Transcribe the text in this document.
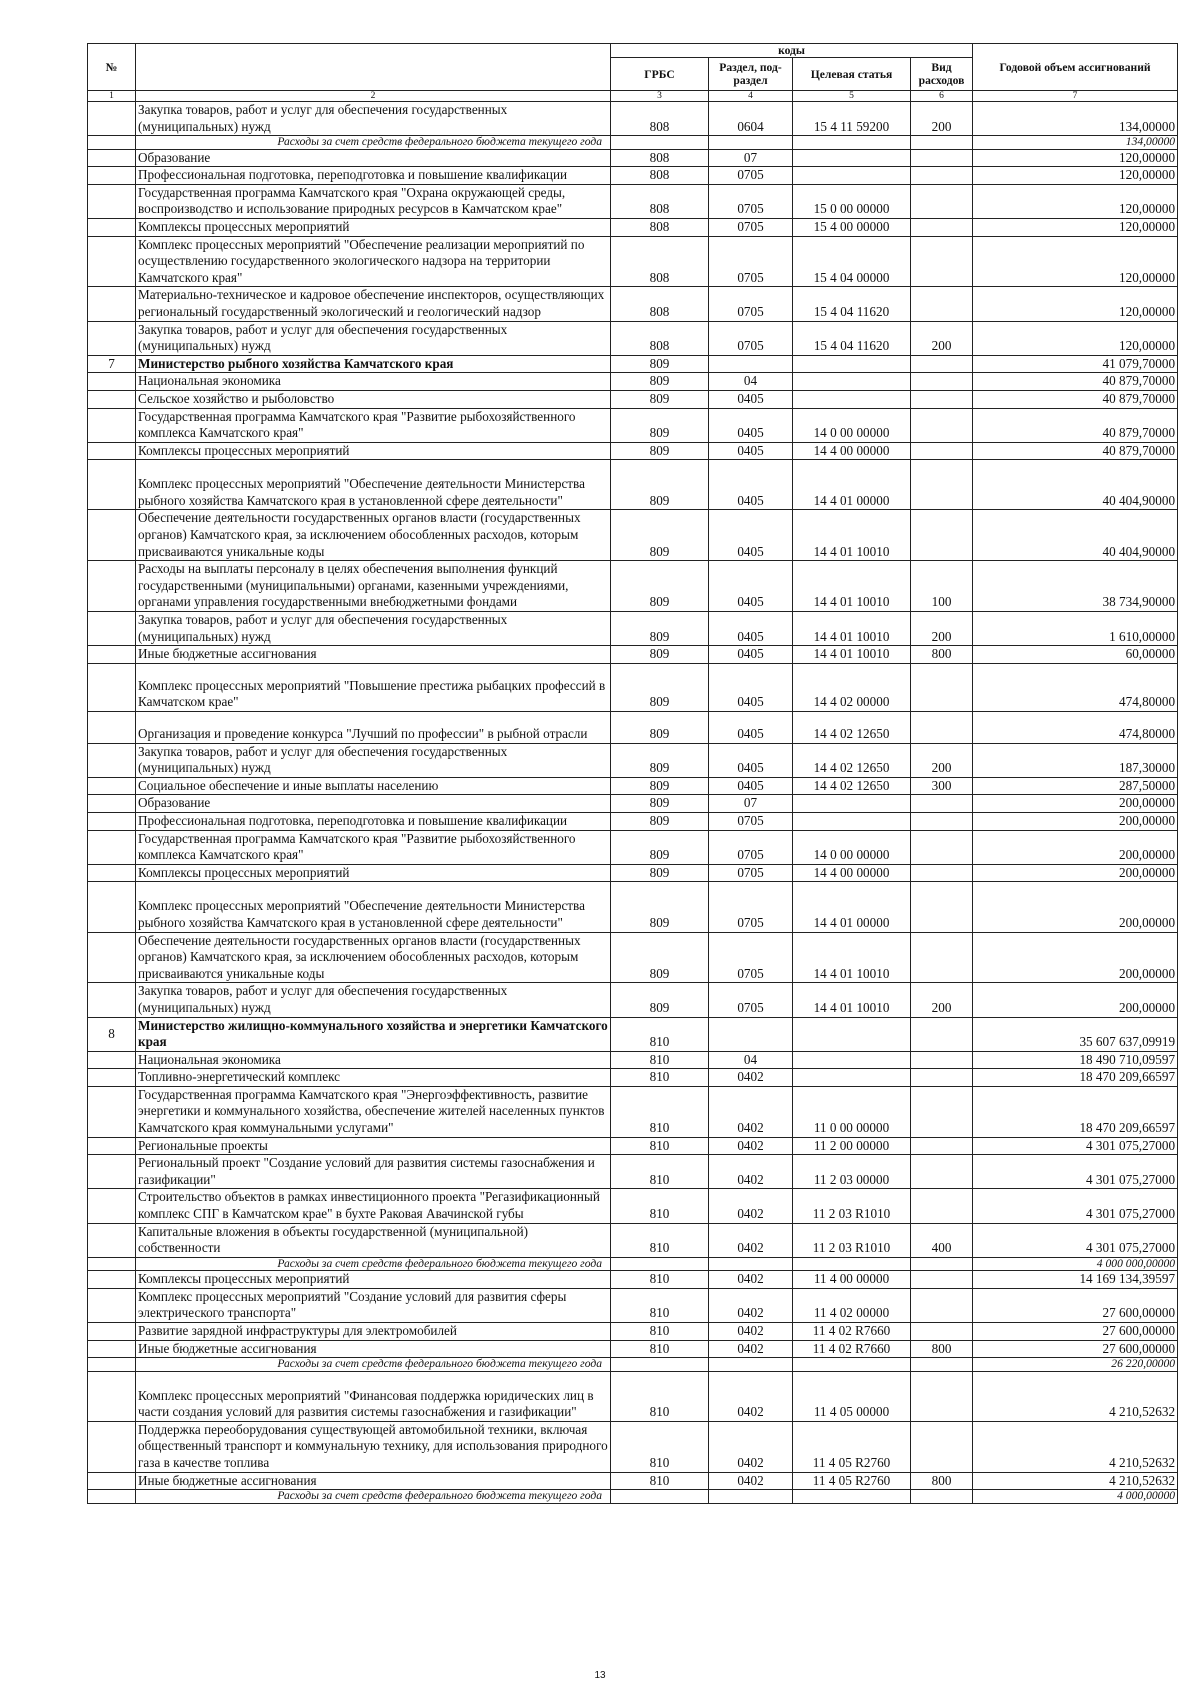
№		коды				Годовой объем ассигнований
		ГРБС	Раздел, под-раздел	Целевая статья	Вид расходов	
1	2	3	4	5	6	7
	Закупка товаров, работ и услуг для обеспечения государственных (муниципальных) нужд	808	0604	15 4 11 59200	200	134,00000
	Расходы за счет средств федерального бюджета текущего года					134,00000
	Образование	808	07			120,00000
	Профессиональная подготовка, переподготовка и повышение квалификации	808	0705			120,00000
	Государственная программа Камчатского края "Охрана окружающей среды, воспроизводство и использование природных ресурсов в Камчатском крае"	808	0705	15 0 00 00000		120,00000
	Комплексы процессных мероприятий	808	0705	15 4 00 00000		120,00000
	Комплекс процессных мероприятий "Обеспечение реализации мероприятий по осуществлению государственного экологического надзора на территории Камчатского края"	808	0705	15 4 04 00000		120,00000
	Материально-техническое и кадровое обеспечение инспекторов, осуществляющих региональный государственный экологический и геологический надзор	808	0705	15 4 04 11620		120,00000
	Закупка товаров, работ и услуг для обеспечения государственных (муниципальных) нужд	808	0705	15 4 04 11620	200	120,00000
7	Министерство рыбного хозяйства Камчатского края	809				41 079,70000
	Национальная экономика	809	04			40 879,70000
	Сельское хозяйство и рыболовство	809	0405			40 879,70000
	Государственная программа Камчатского края "Развитие рыбохозяйственного комплекса Камчатского края"	809	0405	14 0 00 00000		40 879,70000
	Комплексы процессных мероприятий	809	0405	14 4 00 00000		40 879,70000
	Комплекс процессных мероприятий "Обеспечение деятельности Министерства рыбного хозяйства Камчатского края в установленной сфере деятельности"	809	0405	14 4 01 00000		40 404,90000
	Обеспечение деятельности государственных органов власти (государственных органов) Камчатского края, за исключением обособленных расходов, которым присваиваются уникальные коды	809	0405	14 4 01 10010		40 404,90000
	Расходы на выплаты персоналу в целях обеспечения выполнения функций государственными (муниципальными) органами, казенными учреждениями, органами управления государственными внебюджетными фондами	809	0405	14 4 01 10010	100	38 734,90000
	Закупка товаров, работ и услуг для обеспечения государственных (муниципальных) нужд	809	0405	14 4 01 10010	200	1 610,00000
	Иные бюджетные ассигнования	809	0405	14 4 01 10010	800	60,00000
	Комплекс процессных мероприятий "Повышение престижа рыбацких профессий в Камчатском крае"	809	0405	14 4 02 00000		474,80000
	Организация и проведение конкурса "Лучший по профессии" в рыбной отрасли	809	0405	14 4 02 12650		474,80000
	Закупка товаров, работ и услуг для обеспечения государственных (муниципальных) нужд	809	0405	14 4 02 12650	200	187,30000
	Социальное обеспечение и иные выплаты населению	809	0405	14 4 02 12650	300	287,50000
	Образование	809	07			200,00000
	Профессиональная подготовка, переподготовка и повышение квалификации	809	0705			200,00000
	Государственная программа Камчатского края "Развитие рыбохозяйственного комплекса Камчатского края"	809	0705	14 0 00 00000		200,00000
	Комплексы процессных мероприятий	809	0705	14 4 00 00000		200,00000
	Комплекс процессных мероприятий "Обеспечение деятельности Министерства рыбного хозяйства Камчатского края в установленной сфере деятельности"	809	0705	14 4 01 00000		200,00000
	Обеспечение деятельности государственных органов власти (государственных органов) Камчатского края, за исключением обособленных расходов, которым присваиваются уникальные коды	809	0705	14 4 01 10010		200,00000
	Закупка товаров, работ и услуг для обеспечения государственных (муниципальных) нужд	809	0705	14 4 01 10010	200	200,00000
8	Министерство жилищно-коммунального хозяйства и энергетики Камчатского края	810				35 607 637,09919
	Национальная экономика	810	04			18 490 710,09597
	Топливно-энергетический комплекс	810	0402			18 470 209,66597
	Государственная программа Камчатского края "Энергоэффективность, развитие энергетики и коммунального хозяйства, обеспечение жителей населенных пунктов Камчатского края коммунальными услугами"	810	0402	11 0 00 00000		18 470 209,66597
	Региональные проекты	810	0402	11 2 00 00000		4 301 075,27000
	Региональный проект "Создание условий для развития системы газоснабжения и газификации"	810	0402	11 2 03 00000		4 301 075,27000
	Строительство объектов в рамках инвестиционного проекта "Регазификационный комплекс СПГ в Камчатском крае" в бухте Раковая Авачинской губы	810	0402	11 2 03 R1010		4 301 075,27000
	Капитальные вложения в объекты государственной (муниципальной) собственности	810	0402	11 2 03 R1010	400	4 301 075,27000
	Расходы за счет средств федерального бюджета текущего года					4 000 000,00000
	Комплексы процессных мероприятий	810	0402	11 4 00 00000		14 169 134,39597
	Комплекс процессных мероприятий "Создание условий для развития сферы электрического транспорта"	810	0402	11 4 02 00000		27 600,00000
	Развитие зарядной инфраструктуры для электромобилей	810	0402	11 4 02 R7660		27 600,00000
	Иные бюджетные ассигнования	810	0402	11 4 02 R7660	800	27 600,00000
	Расходы за счет средств федерального бюджета текущего года					26 220,00000
	Комплекс процессных мероприятий "Финансовая поддержка юридических лиц в части создания условий для развития системы газоснабжения и газификации"	810	0402	11 4 05 00000		4 210,52632
	Поддержка переоборудования существующей автомобильной техники, включая общественный транспорт и коммунальную технику, для использования природного газа в качестве топлива	810	0402	11 4 05 R2760		4 210,52632
	Иные бюджетные ассигнования	810	0402	11 4 05 R2760	800	4 210,52632
	Расходы за счет средств федерального бюджета текущего года					4 000,00000
13
